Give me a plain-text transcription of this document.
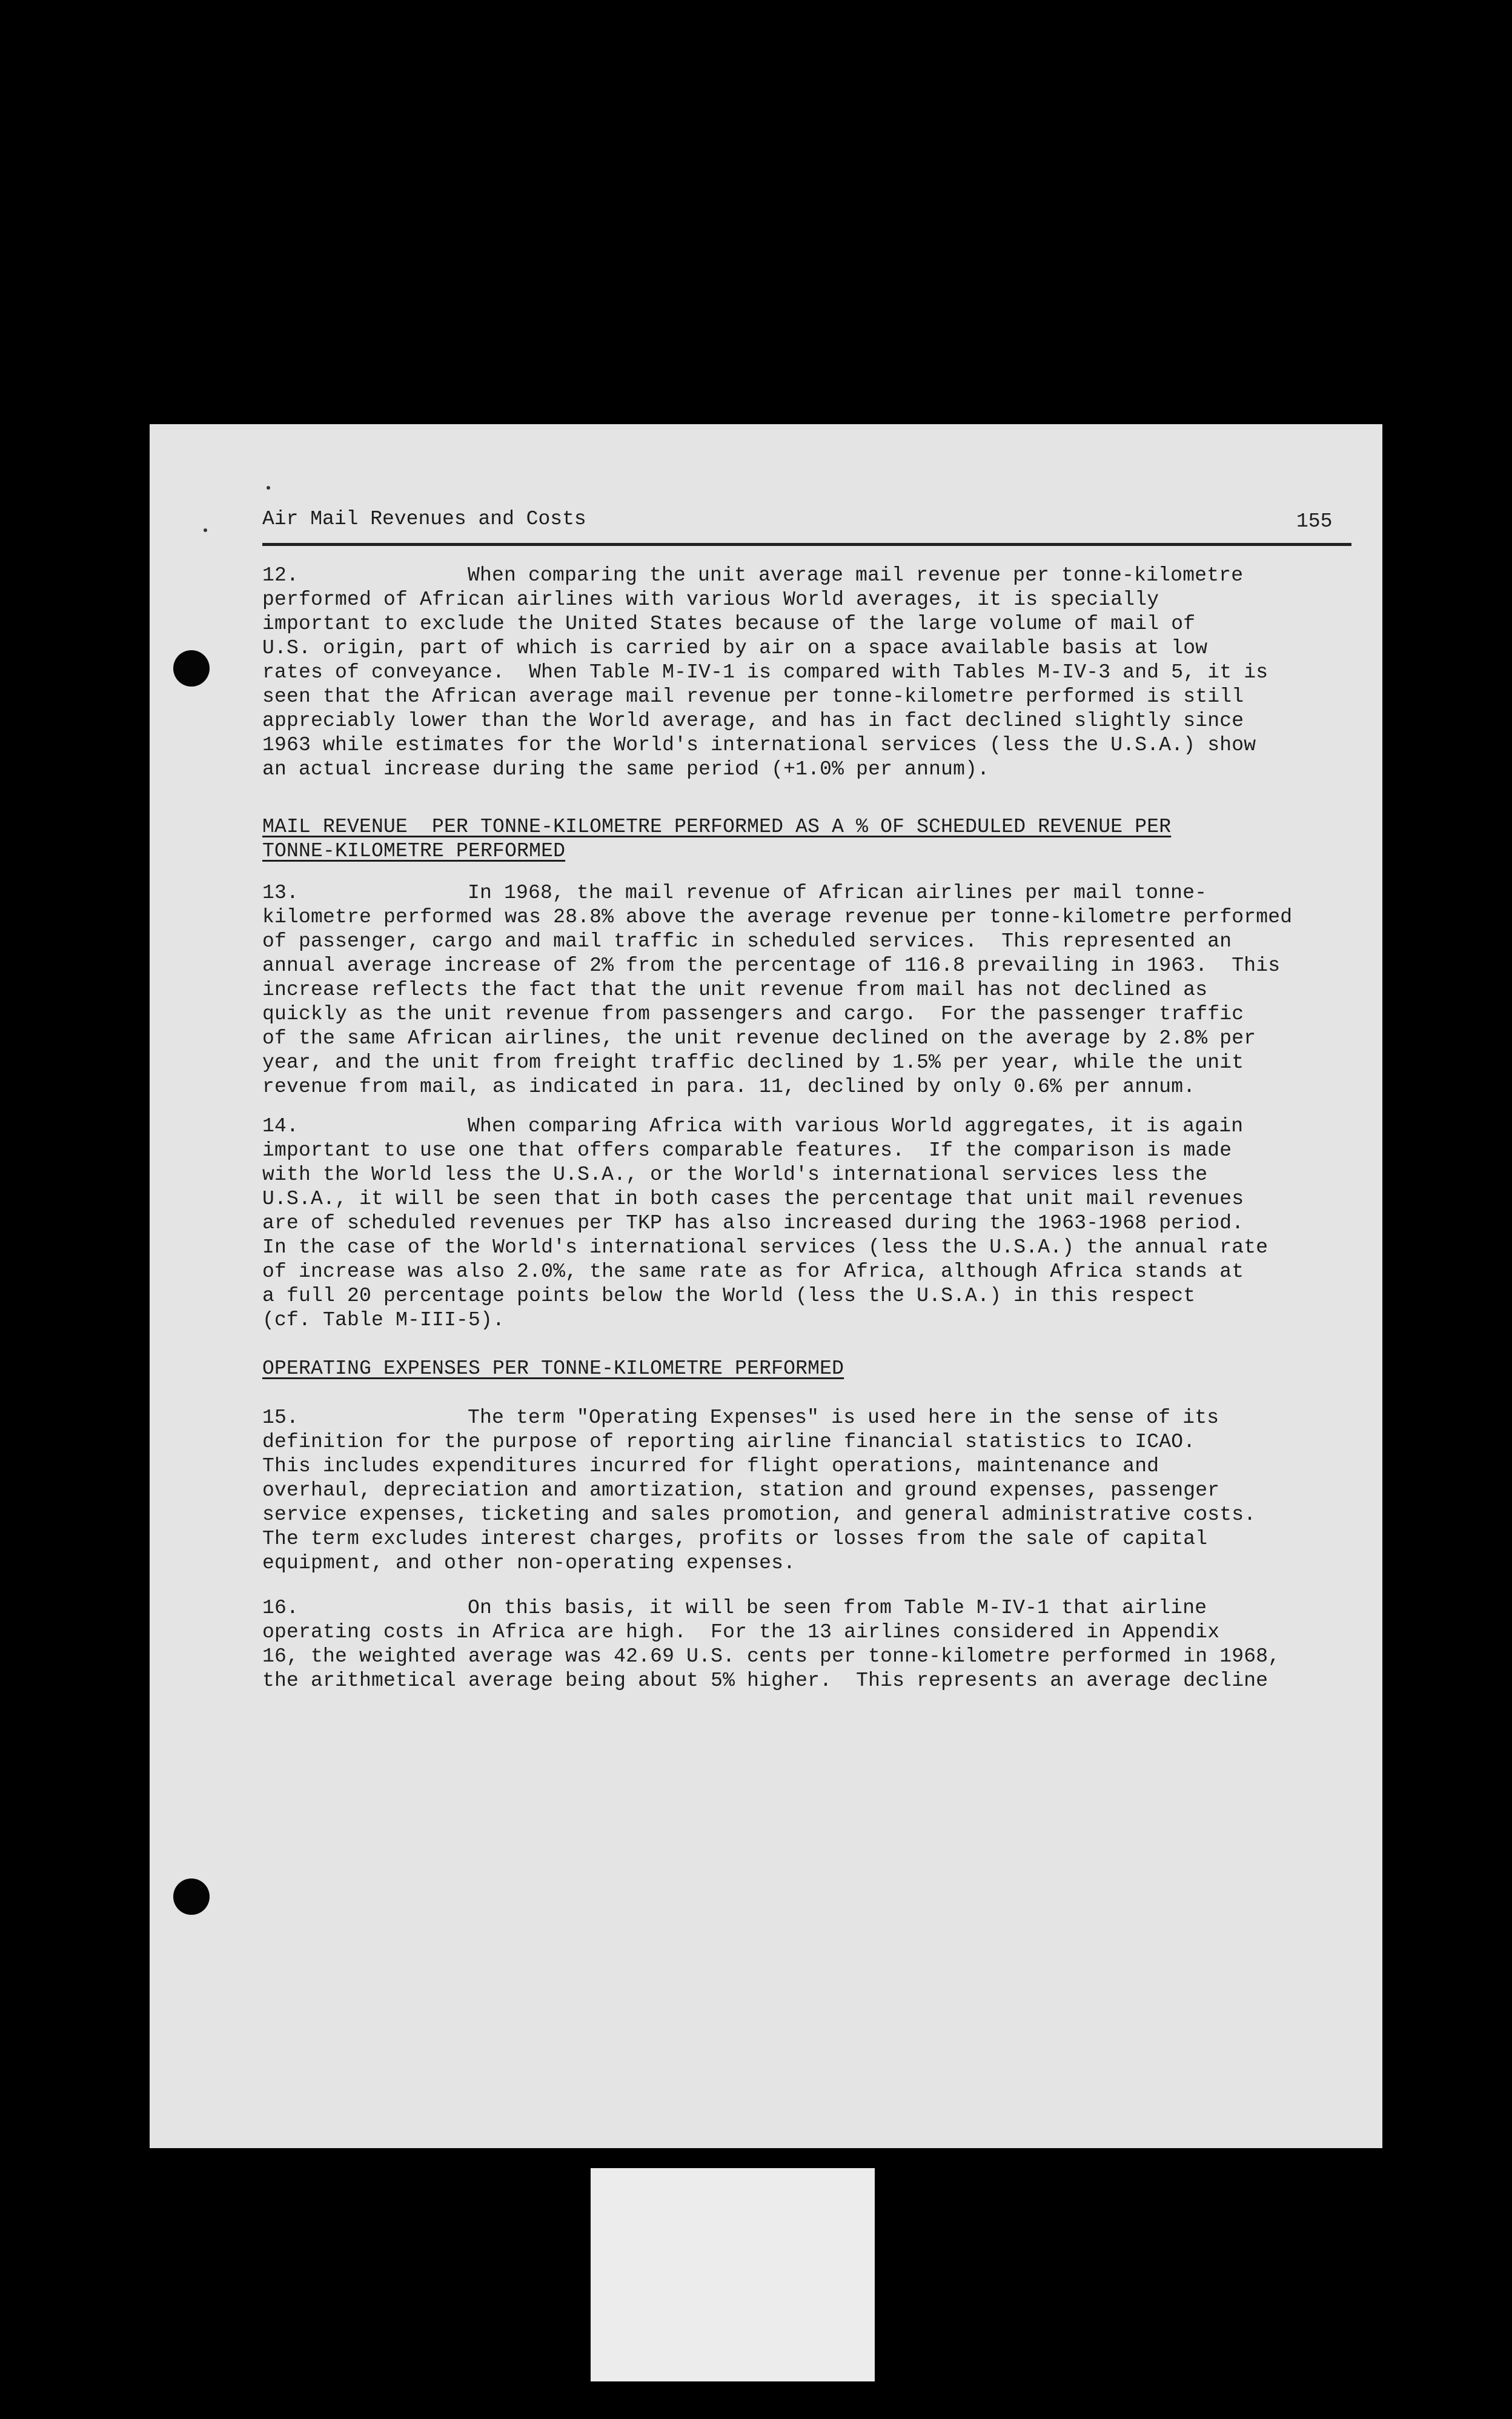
Air Mail Revenues and Costs	155
12.	When comparing the unit average mail revenue per tonne-kilometre
performed of African airlines with various World averages, it is specially
important to exclude the United States because of the large volume of mail of
U.S. origin, part of which is carried by air on a space available basis at low
rates of conveyance.  When Table M-IV-1 is compared with Tables M-IV-3 and 5, it is
seen that the African average mail revenue per tonne-kilometre performed is still
appreciably lower than the World average, and has in fact declined slightly since
1963 while estimates for the World's international services (less the U.S.A.) show
an actual increase during the same period (+1.0% per annum).
MAIL REVENUE  PER TONNE-KILOMETRE PERFORMED AS A % OF SCHEDULED REVENUE PER
TONNE-KILOMETRE PERFORMED
13.	In 1968, the mail revenue of African airlines per mail tonne-
kilometre performed was 28.8% above the average revenue per tonne-kilometre performed
of passenger, cargo and mail traffic in scheduled services.  This represented an
annual average increase of 2% from the percentage of 116.8 prevailing in 1963.  This
increase reflects the fact that the unit revenue from mail has not declined as
quickly as the unit revenue from passengers and cargo.  For the passenger traffic
of the same African airlines, the unit revenue declined on the average by 2.8% per
year, and the unit from freight traffic declined by 1.5% per year, while the unit
revenue from mail, as indicated in para. 11, declined by only 0.6% per annum.
14.	When comparing Africa with various World aggregates, it is again
important to use one that offers comparable features.  If the comparison is made
with the World less the U.S.A., or the World's international services less the
U.S.A., it will be seen that in both cases the percentage that unit mail revenues
are of scheduled revenues per TKP has also increased during the 1963-1968 period.
In the case of the World's international services (less the U.S.A.) the annual rate
of increase was also 2.0%, the same rate as for Africa, although Africa stands at
a full 20 percentage points below the World (less the U.S.A.) in this respect
(cf. Table M-III-5).
OPERATING EXPENSES PER TONNE-KILOMETRE PERFORMED
15.	The term "Operating Expenses" is used here in the sense of its
definition for the purpose of reporting airline financial statistics to ICAO.
This includes expenditures incurred for flight operations, maintenance and
overhaul, depreciation and amortization, station and ground expenses, passenger
service expenses, ticketing and sales promotion, and general administrative costs.
The term excludes interest charges, profits or losses from the sale of capital
equipment, and other non-operating expenses.
16.	On this basis, it will be seen from Table M-IV-1 that airline
operating costs in Africa are high.  For the 13 airlines considered in Appendix
16, the weighted average was 42.69 U.S. cents per tonne-kilometre performed in 1968,
the arithmetical average being about 5% higher.  This represents an average decline
